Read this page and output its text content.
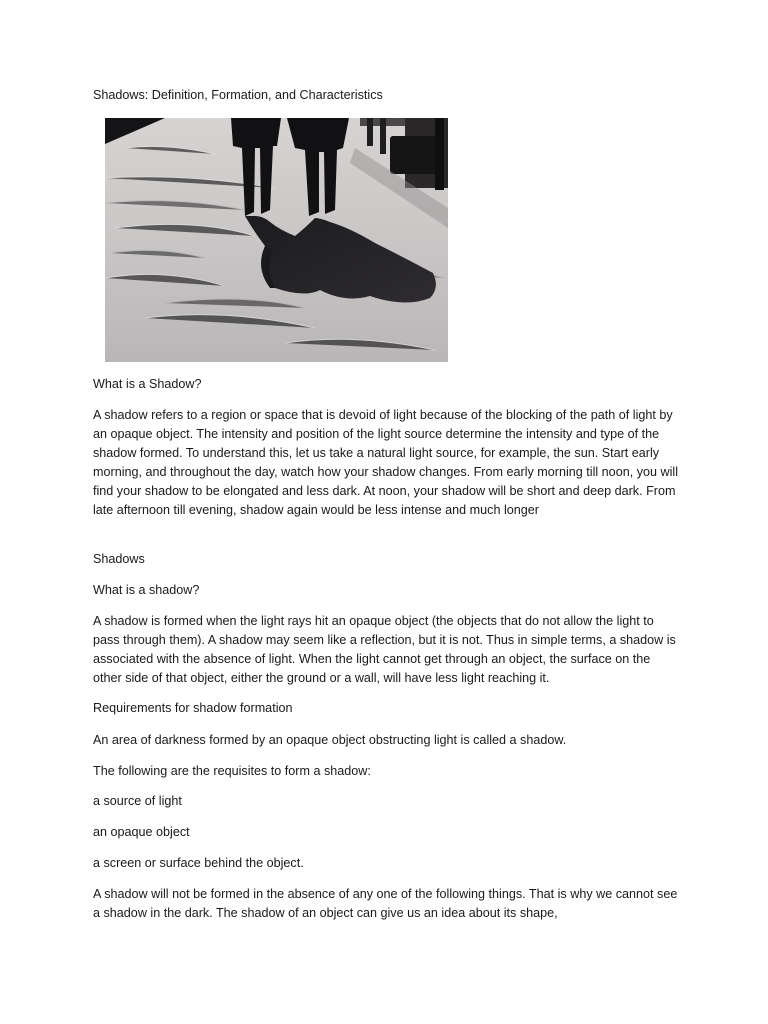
Shadows: Definition, Formation, and Characteristics

What is a Shadow?

A shadow refers to a region or space that is devoid of light because of the blocking of the path of light by an opaque object. The intensity and position of the light source determine the intensity and type of the shadow formed. To understand this, let us take a natural light source, for example, the sun. Start early morning, and throughout the day, watch how your shadow changes. From early morning till noon, you will find your shadow to be elongated and less dark. At noon, your shadow will be short and deep dark. From late afternoon till evening, shadow again would be less intense and much longer

Shadows

What is a shadow?

A shadow is formed when the light rays hit an opaque object (the objects that do not allow the light to pass through them). A shadow may seem like a reflection, but it is not. Thus in simple terms, a shadow is associated with the absence of light. When the light cannot get through an object, the surface on the other side of that object, either the ground or a wall, will have less light reaching it.

Requirements for shadow formation

An area of darkness formed by an opaque object obstructing light is called a shadow.

The following are the requisites to form a shadow:

a source of light

an opaque object

a screen or surface behind the object.

A shadow will not be formed in the absence of any one of the following things. That is why we cannot see a shadow in the dark. The shadow of an object can give us an idea about its shape,
